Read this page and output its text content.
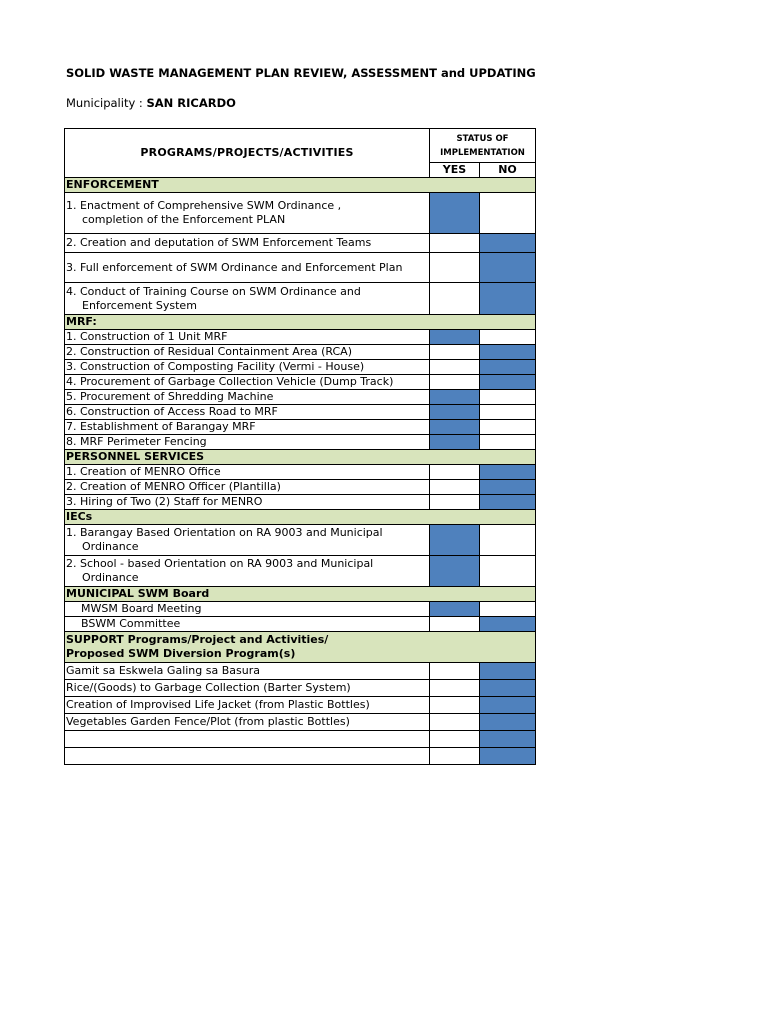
SOLID WASTE MANAGEMENT PLAN REVIEW, ASSESSMENT and UPDATING
Municipality : SAN RICARDO
PROGRAMS/PROJECTS/ACTIVITIES	STATUS OF
IMPLEMENTATION	
	YES	NO
ENFORCEMENT		
1. Enactment of Comprehensive SWM Ordinance ,
completion of the Enforcement PLAN		

2. Creation and deputation of SWM Enforcement Teams		
3. Full enforcement of SWM Ordinance and Enforcement Plan		
4. Conduct of Training Course on SWM Ordinance and
Enforcement System		

MRF:		
1. Construction of 1 Unit MRF		
2. Construction of Residual Containment Area (RCA)		
3. Construction of Composting Facility (Vermi - House)		
4. Procurement of Garbage Collection Vehicle (Dump Track)		
5. Procurement of Shredding Machine		
6. Construction of Access Road to MRF		
7. Establishment of Barangay MRF		
8. MRF Perimeter Fencing		
PERSONNEL SERVICES		
1. Creation of MENRO Office		
2. Creation of MENRO Officer (Plantilla)		
3. Hiring of Two (2) Staff for MENRO		
IECs		
1. Barangay Based Orientation on RA 9003 and Municipal
Ordinance		

2. School - based Orientation on RA 9003 and Municipal
Ordinance		

MUNICIPAL SWM Board		
MWSM Board Meeting		
BSWM Committee		
SUPPORT Programs/Project and Activities/
Proposed SWM Diversion Program(s)		
Gamit sa Eskwela Galing sa Basura		
Rice/(Goods) to Garbage Collection (Barter System)		
Creation of Improvised Life Jacket (from Plastic Bottles)		
Vegetables Garden Fence/Plot (from plastic Bottles)		
